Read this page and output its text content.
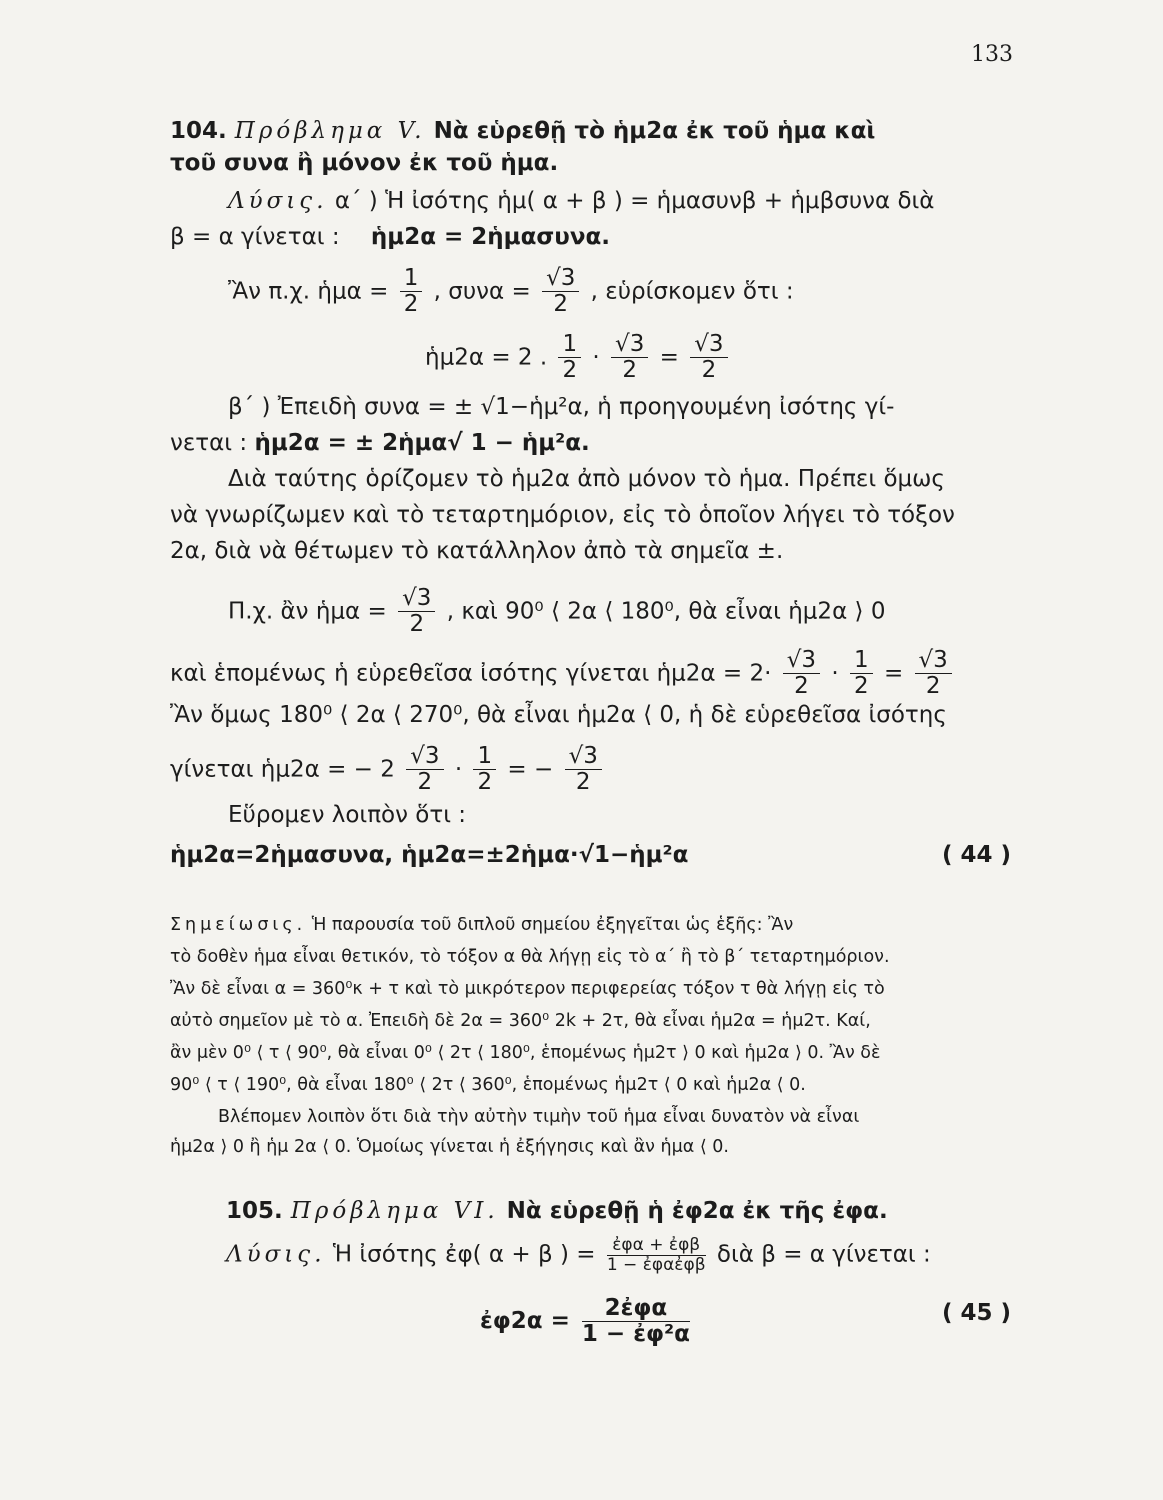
133
104. Πρόβλημα V. Νὰ εὑρεθῇ τὸ ἡμ2α ἐκ τοῦ ἡμα καὶ
τοῦ συνα ἢ μόνον ἐκ τοῦ ἡμα.
Λύσις. α΄ ) Ἡ ἰσότης ἡμ( α + β ) = ἡμασυνβ + ἡμβσυνα διὰ
β = α γίνεται : ἡμ2α = 2ἡμασυνα.
Ἂν π.χ. ἡμα = $\frac{1}{2}$ , $\sigma\upsilon\nu\alpha = \frac{√3}{2}$ , εὑρίσκομεν ὅτι :
ἡμ2α = 2 . $\frac{1}{2} \cdot \frac{√3}{2} = \frac{√3}{2}$
β΄ ) Ἐπειδὴ συνα = ± √1−ἡμ²α, ἡ προηγουμένη ἰσότης γί-
νεται : ἡμ2α = ± 2ἡμα√ 1 − ἡμ²α.
Διὰ ταύτης ὁρίζομεν τὸ ἡμ2α ἀπὸ μόνον τὸ ἡμα. Πρέπει ὅμως
νὰ γνωρίζωμεν καὶ τὸ τεταρτημόριον, εἰς τὸ ὁποῖον λήγει τὸ τόξον
2α, διὰ νὰ θέτωμεν τὸ κατάλληλον ἀπὸ τὰ σημεῖα ±.
Π.χ. ἂν ἡμα = $\frac{√3}{2}$ , καὶ 90⁰ ⟨ 2α ⟨ 180⁰, θὰ εἶναι ἡμ2α ⟩ 0
καὶ ἑπομένως ἡ εὑρεθεῖσα ἰσότης γίνεται ἡμ2α = $2\cdot \frac{√3}{2} \cdot \frac{1}{2} = \frac{√3}{2}$
Ἂν ὅμως 180⁰ ⟨ 2α ⟨ 270⁰, θὰ εἶναι ἡμ2α ⟨ 0, ἡ δὲ εὑρεθεῖσα ἰσότης
γίνεται ἡμ2α = − $2 \frac{√3}{2} \cdot \frac{1}{2}$ = − $\frac{√3}{2}$
Εὕρομεν λοιπὸν ὅτι :
ἡμ2α=2ἡμασυνα, ἡμ2α=±2ἡμα·√1−ἡμ²α	( 44 )
Σημείωσις. Ἡ παρουσία τοῦ διπλοῦ σημείου ἐξηγεῖται ὡς ἑξῆς: Ἂν
τὸ δοθὲν ἡμα εἶναι θετικόν, τὸ τόξον α θὰ λήγῃ εἰς τὸ α΄ ἢ τὸ β΄ τεταρτημόριον.
Ἂν δὲ εἶναι α = 360⁰κ + τ καὶ τὸ μικρότερον περιφερείας τόξον τ θὰ λήγῃ εἰς τὸ
αὐτὸ σημεῖον μὲ τὸ α. Ἐπειδὴ δὲ 2α = 360⁰ 2k + 2τ, θὰ εἶναι ἡμ2α = ἡμ2τ. Καί,
ἂν μὲν 0⁰ ⟨ τ ⟨ 90⁰, θὰ εἶναι 0⁰ ⟨ 2τ ⟨ 180⁰, ἑπομένως ἡμ2τ ⟩ 0 καὶ ἡμ2α ⟩ 0. Ἂν δὲ
90⁰ ⟨ τ ⟨ 190⁰, θὰ εἶναι 180⁰ ⟨ 2τ ⟨ 360⁰, ἑπομένως ἡμ2τ ⟨ 0 καὶ ἡμ2α ⟨ 0.
Βλέπομεν λοιπὸν ὅτι διὰ τὴν αὐτὴν τιμὴν τοῦ ἡμα εἶναι δυνατὸν νὰ εἶναι
ἡμ2α ⟩ 0 ἢ ἡμ 2α ⟨ 0. Ὁμοίως γίνεται ἡ ἐξήγησις καὶ ἂν ἡμα ⟨ 0.
105. Πρόβλημα VI. Νὰ εὑρεθῇ ἡ ἐφ2α ἐκ τῆς ἐφα.
Λύσις. Ἡ ἰσότης ἐφ( α + β ) = $\frac{\text{ἐφα + ἐφβ}}{\text{1 − ἐφαἐφβ}}$ διὰ β = α γίνεται :
ἐφ2α = $\frac{\text{2ἐφα}}{\text{1 − ἐφ²α}}$	( 45 )
